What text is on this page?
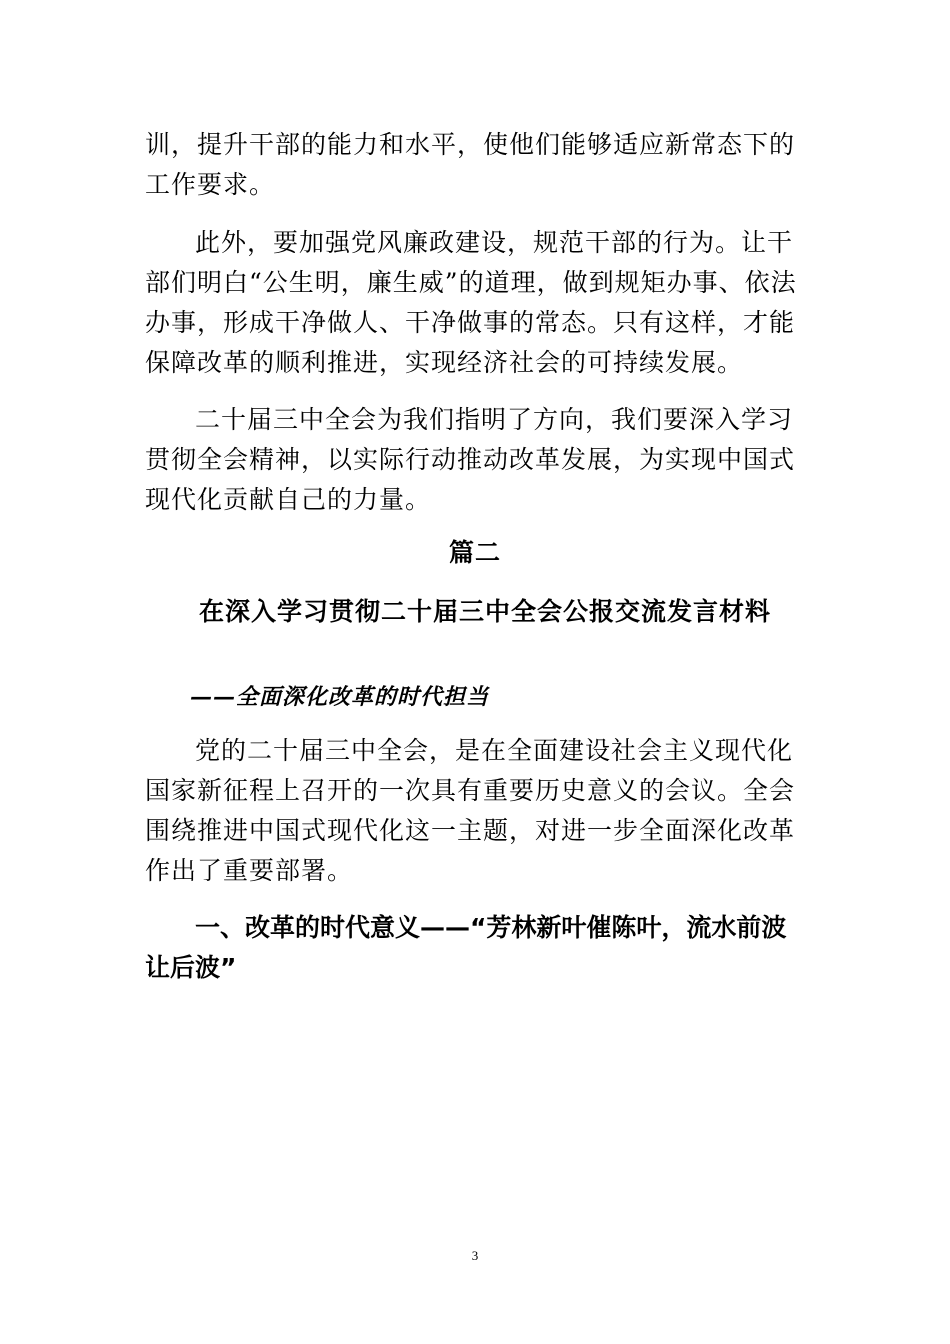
训，提升干部的能力和水平，使他们能够适应新常态下的工作要求。

此外，要加强党风廉政建设，规范干部的行为。让干部们明白“公生明，廉生威”的道理，做到规矩办事、依法 办事，形成干净做人、干净做事的常态。只有这样，才能 保障改革的顺利推进，实现经济社会的可持续发展。

二十届三中全会为我们指明了方向，我们要深入学习贯彻全会精神，以实际行动推动改革发展，为实现中国式现代化贡献自己的力量。

篇二

在深入学习贯彻二十届三中全会公报交流发言材料

——全面深化改革的时代担当

党的二十届三中全会，是在全面建设社会主义现代化国家新征程上召开的一次具有重要历史意义的会议。全会围绕推进中国式现代化这一主题，对进一步全面深化改革作出了重要部署。

一、改革的时代意义——“芳林新叶催陈叶，流水前波让后波”

3
